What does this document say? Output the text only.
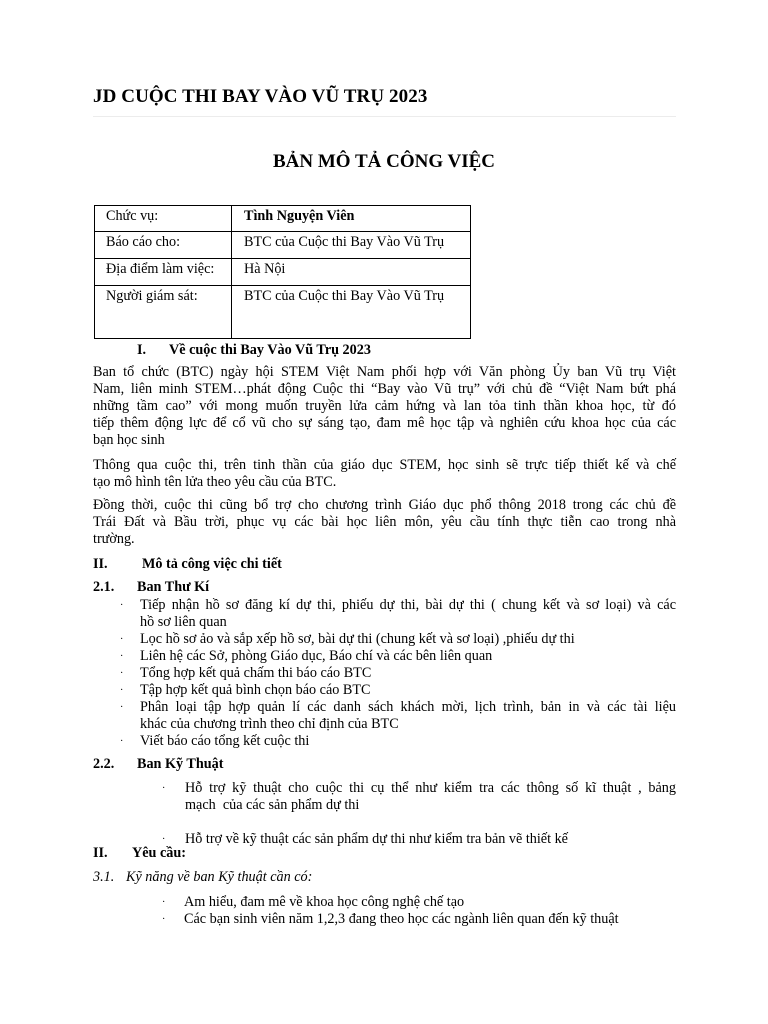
JD CUỘC THI BAY VÀO VŨ TRỤ 2023
BẢN MÔ TẢ CÔNG VIỆC
Chức vụ:	Tình Nguyện Viên
Báo cáo cho:	BTC của Cuộc thi Bay Vào Vũ Trụ
Địa điểm làm việc:	Hà Nội
Người giám sát:	BTC của Cuộc thi Bay Vào Vũ Trụ
I. Về cuộc thi Bay Vào Vũ Trụ 2023
Ban tổ chức (BTC) ngày hội STEM Việt Nam phối hợp với Văn phòng Ủy ban Vũ trụ Việt
Nam, liên minh STEM…phát động Cuộc thi “Bay vào Vũ trụ” với chủ đề “Việt Nam bứt phá
những tầm cao” với mong muốn truyền lửa cảm hứng và lan tỏa tinh thần khoa học, từ đó
tiếp thêm động lực để cổ vũ cho sự sáng tạo, đam mê học tập và nghiên cứu khoa học của các
bạn học sinh
Thông qua cuộc thi, trên tinh thần của giáo dục STEM, học sinh sẽ trực tiếp thiết kế và chế
tạo mô hình tên lửa theo yêu cầu của BTC.
Đồng thời, cuộc thi cũng bổ trợ cho chương trình Giáo dục phổ thông 2018 trong các chủ đề
Trái Đất và Bầu trời, phục vụ các bài học liên môn, yêu cầu tính thực tiễn cao trong nhà
trường.
II. Mô tả công việc chi tiết
2.1. Ban Thư Kí
· Tiếp nhận hồ sơ đăng kí dự thi, phiếu dự thi, bài dự thi ( chung kết và sơ loại) và các
hồ sơ liên quan
· Lọc hồ sơ ảo và sắp xếp hồ sơ, bài dự thi (chung kết và sơ loại) ,phiếu dự thi
· Liên hệ các Sở, phòng Giáo dục, Báo chí và các bên liên quan
· Tổng hợp kết quả chấm thi báo cáo BTC
· Tập hợp kết quả bình chọn báo cáo BTC
· Phân loại tập hợp quản lí các danh sách khách mời, lịch trình, bản in và các tài liệu
khác của chương trình theo chỉ định của BTC
· Viết báo cáo tổng kết cuộc thi
2.2. Ban Kỹ Thuật
· Hỗ trợ kỹ thuật cho cuộc thi cụ thể như kiểm tra các thông số kĩ thuật , bảng
mạch  của các sản phẩm dự thi
· Hỗ trợ về kỹ thuật các sản phẩm dự thi như kiểm tra bản vẽ thiết kế
II. Yêu cầu:
3.1. Kỹ năng về ban Kỹ thuật cần có:
· Am hiểu, đam mê về khoa học công nghệ chế tạo
· Các bạn sinh viên năm 1,2,3 đang theo học các ngành liên quan đến kỹ thuật
